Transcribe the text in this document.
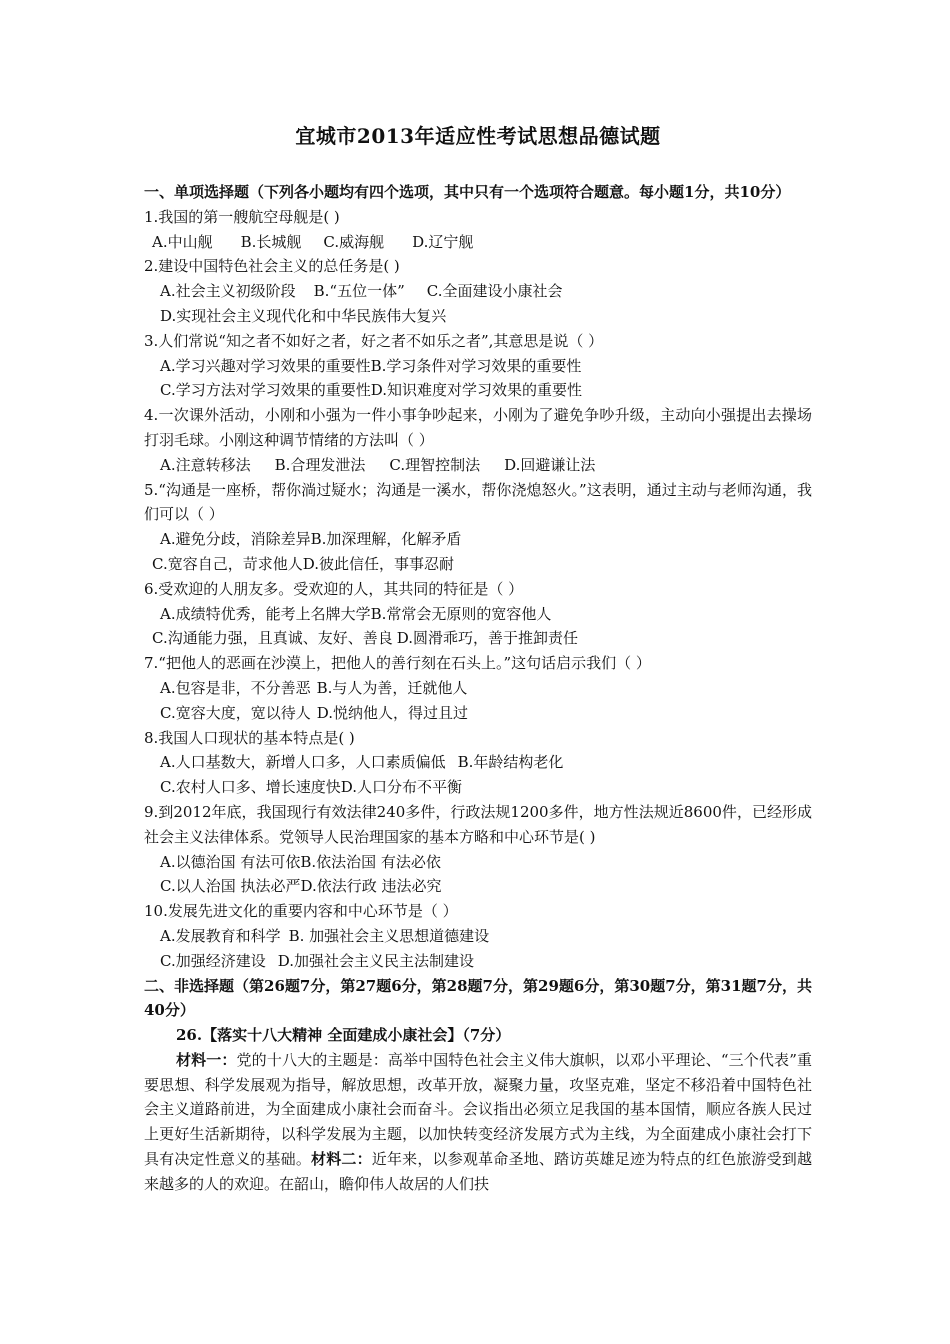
宜城市2013年适应性考试思想品德试题
一、单项选择题（下列各小题均有四个选项，其中只有一个选项符合题意。每小题1分，共10分）
1.我国的第一艘航空母舰是( )
A.中山舰 B.长城舰 C.威海舰 D.辽宁舰
2.建设中国特色社会主义的总任务是( )
A.社会主义初级阶段 B.“五位一体” C.全面建设小康社会
D.实现社会主义现代化和中华民族伟大复兴
3.人们常说“知之者不如好之者，好之者不如乐之者”,其意思是说（ ）
A.学习兴趣对学习效果的重要性B.学习条件对学习效果的重要性
C.学习方法对学习效果的重要性D.知识难度对学习效果的重要性
4.一次课外活动，小刚和小强为一件小事争吵起来，小刚为了避免争吵升级，主动向小强提出去操场打羽毛球。小刚这种调节情绪的方法叫（ ）
A.注意转移法 B.合理发泄法 C.理智控制法 D.回避谦让法
5.“沟通是一座桥，帮你淌过疑水；沟通是一溪水，帮你浇熄怒火。”这表明，通过主动与老师沟通，我们可以（ ）
A.避免分歧，消除差异B.加深理解，化解矛盾
C.宽容自己，苛求他人D.彼此信任，事事忍耐
6.受欢迎的人朋友多。受欢迎的人，其共同的特征是（ ）
A.成绩特优秀，能考上名牌大学B.常常会无原则的宽容他人
C.沟通能力强，且真诚、友好、善良 D.圆滑乖巧，善于推卸责任
7.“把他人的恶画在沙漠上，把他人的善行刻在石头上。”这句话启示我们（ ）
A.包容是非，不分善恶 B.与人为善，迁就他人
C.宽容大度，宽以待人 D.悦纳他人，得过且过
8.我国人口现状的基本特点是( )
A.人口基数大，新增人口多，人口素质偏低 B.年龄结构老化
C.农村人口多、增长速度快D.人口分布不平衡
9.到2012年底，我国现行有效法律240多件，行政法规1200多件，地方性法规近8600件，已经形成社会主义法律体系。党领导人民治理国家的基本方略和中心环节是( )
A.以德治国 有法可依B.依法治国 有法必依
C.以人治国 执法必严D.依法行政 违法必究
10.发展先进文化的重要内容和中心环节是（ ）
A.发展教育和科学 B. 加强社会主义思想道德建设
C.加强经济建设 D.加强社会主义民主法制建设
二、非选择题（第26题7分，第27题6分，第28题7分，第29题6分，第30题7分，第31题7分，共40分）
26.【落实十八大精神 全面建成小康社会】（7分）
材料一：党的十八大的主题是：高举中国特色社会主义伟大旗帜，以邓小平理论、“三个代表”重要思想、科学发展观为指导，解放思想，改革开放，凝聚力量，攻坚克难，坚定不移沿着中国特色社会主义道路前进，为全面建成小康社会而奋斗。会议指出必须立足我国的基本国情，顺应各族人民过上更好生活新期待，以科学发展为主题，以加快转变经济发展方式为主线，为全面建成小康社会打下具有决定性意义的基础。材料二：近年来，以参观革命圣地、踏访英雄足迹为特点的红色旅游受到越来越多的人的欢迎。在韶山，瞻仰伟人故居的人们扶
